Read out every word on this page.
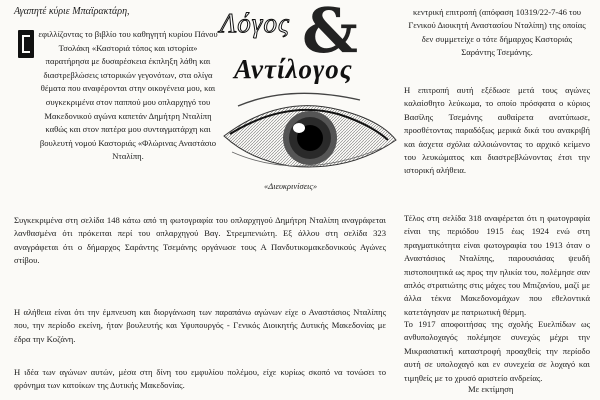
Αγαπητέ κύριε Μπαϊρακτάρη,
εφιλλίζοντας το βιβλίο του καθηγητή κυρίου Πάνου Τσολάκη «Καστοριά τόπος και ιστορία» παρατήρησα με δυσαρέσκεια έκπληξη λάθη και διαστρεβλώσεις ιστορικών γεγονότων, στα ολίγα θέματα που αναφέρονται στην οικογένεια μου, και συγκεκριμένα στον παππού μου οπλαρχηγό του Μακεδονικού αγώνα καπετάν Δημήτρη Νταλίπη καθώς και στον πατέρα μου συνταγματάρχη και βουλευτή νομού Καστοριάς «Φλώρινας Αναστάσιο Νταλίπη.
Λόγος &
Αντίλογος
«Διευκρινίσεις»
Συγκεκριμένα στη σελίδα 148 κάτω από τη φωτογραφία του οπλαρχηγού Δημήτρη Νταλίπη αναγράφεται λανθασμένα ότι πρόκειται περί του οπλαρχηγού Βαγ. Στρεμπενιώτη. Εξ άλλου στη σελίδα 323 αναγράφεται ότι ο δήμαρχος Σαράντης Τσεμάνης οργάνωσε τους Α Πανδυτικομακεδονικούς Αγώνες στίβου.
Η αλήθεια είναι ότι την έμπνευση και διοργάνωση των παραπάνω αγώνων είχε ο Αναστάσιος Νταλίπης που, την περίοδο εκείνη, ήταν βουλευτής και Υφυπουργός - Γενικός Διοικητής Δυτικής Μακεδονίας με έδρα την Κοζάνη.
Η ιδέα των αγώνων αυτών, μέσα στη δίνη του εμφυλίου πολέμου, είχε κυρίως σκοπό να τονώσει το φρόνημα των κατοίκων της Δυτικής Μακεδονίας.
κεντρική επιτροπή (απόφαση 10319/22-7-46 του Γενικού Διοικητή Αναστασίου Νταλίπη) της οποίας δεν συμμετείχε ο τότε δήμαρχος Καστοριάς Σαράντης Τσεμάνης.
Η επιτροπή αυτή εξέδωσε μετά τους αγώνες καλαίσθητο λεύκωμα, το οποίο πρόσφατα ο κύριος Βασίλης Τσεμάνης αυθαίρετα ανατύπωσε, προσθέτοντας παραδόξως μερικά δικά του ανακριβή και άσχετα σχόλια αλλοιώνοντας το αρχικό κείμενο του λευκώματος και διαστρεβλώνοντας έτσι την ιστορική αλήθεια.
Τέλος στη σελίδα 318 αναφέρεται ότι η φωτογραφία είναι της περιόδου 1915 έως 1924 ενώ στη πραγματικότητα είναι φωτογραφία του 1913 όταν ο Αναστάσιος Νταλίπης, παρουσιάσας ψευδή πιστοποιητικά ως προς την ηλικία του, πολέμησε σαν απλός στρατιώτης στις μάχες του Μπιζανίου, μαζί με άλλα τέκνα Μακεδονομάχων που εθελοντικά κατετάγησαν με πατριωτική θέρμη.
Το 1917 αποφοιτήσας της σχολής Ευελπίδων ως ανθυπολοχαγός πολέμησε συνεχώς μέχρι την Μικρασιατική καταστροφή προαχθείς την περίοδο αυτή σε υπολοχαγό και εν συνεχεία σε λοχαγό και τιμηθείς με το χρυσό αριστείο ανδρείας.
Με εκτίμηση
